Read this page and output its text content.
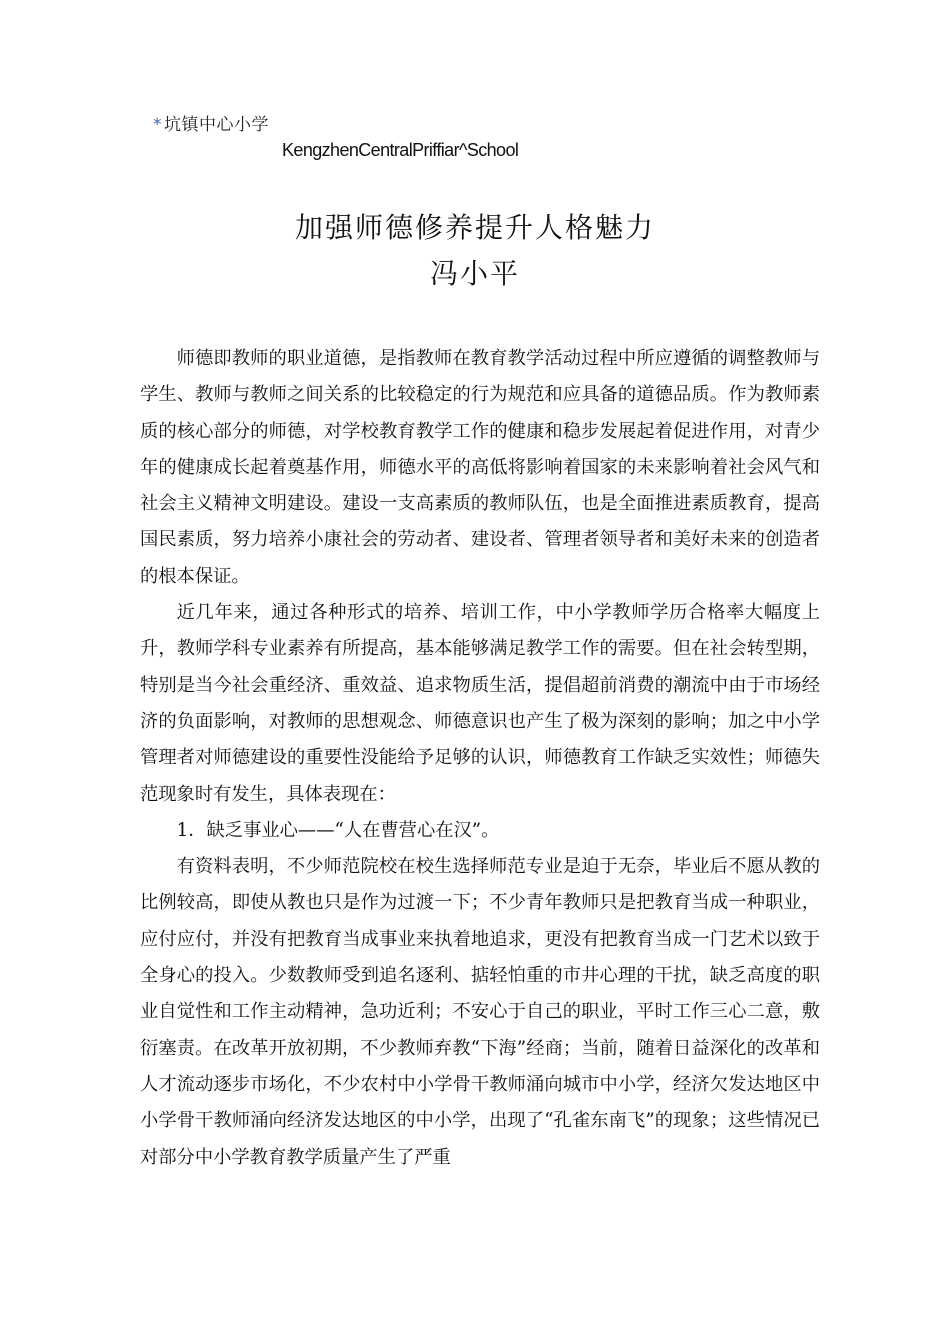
* 坑镇中心小学
KengzhenCentralPriffiar^School
加强师德修养提升人格魅力
冯小平

师德即教师的职业道德，是指教师在教育教学活动过程中所应遵循的调整教师与学生、教师与教师之间关系的比较稳定的行为规范和应具备的道德品质。作为教师素质的核心部分的师德，对学校教育教学工作的健康和稳步发展起着促进作用，对青少年的健康成长起着奠基作用，师德水平的高低将影响着国家的未来影响着社会风气和社会主义精神文明建设。建设一支高素质的教师队伍，也是全面推进素质教育，提高国民素质，努力培养小康社会的劳动者、建设者、管理者领导者和美好未来的创造者的根本保证。

近几年来，通过各种形式的培养、培训工作，中小学教师学历合格率大幅度上升，教师学科专业素养有所提高，基本能够满足教学工作的需要。但在社会转型期，特别是当今社会重经济、重效益、追求物质生活，提倡超前消费的潮流中由于市场经济的负面影响，对教师的思想观念、师德意识也产生了极为深刻的影响；加之中小学管理者对师德建设的重要性没能给予足够的认识，师德教育工作缺乏实效性；师德失范现象时有发生，具体表现在：

1．缺乏事业心——“人在曹营心在汉”。

有资料表明，不少师范院校在校生选择师范专业是迫于无奈，毕业后不愿从教的比例较高，即使从教也只是作为过渡一下；不少青年教师只是把教育当成一种职业，应付应付，并没有把教育当成事业来执着地追求，更没有把教育当成一门艺术以致于全身心的投入。少数教师受到追名逐利、掂轻怕重的市井心理的干扰，缺乏高度的职业自觉性和工作主动精神，急功近利；不安心于自己的职业，平时工作三心二意，敷衍塞责。在改革开放初期，不少教师弃教“下海”经商；当前，随着日益深化的改革和人才流动逐步市场化，不少农村中小学骨干教师涌向城市中小学，经济欠发达地区中小学骨干教师涌向经济发达地区的中小学，出现了“孔雀东南飞”的现象；这些情况已对部分中小学教育教学质量产生了严重
